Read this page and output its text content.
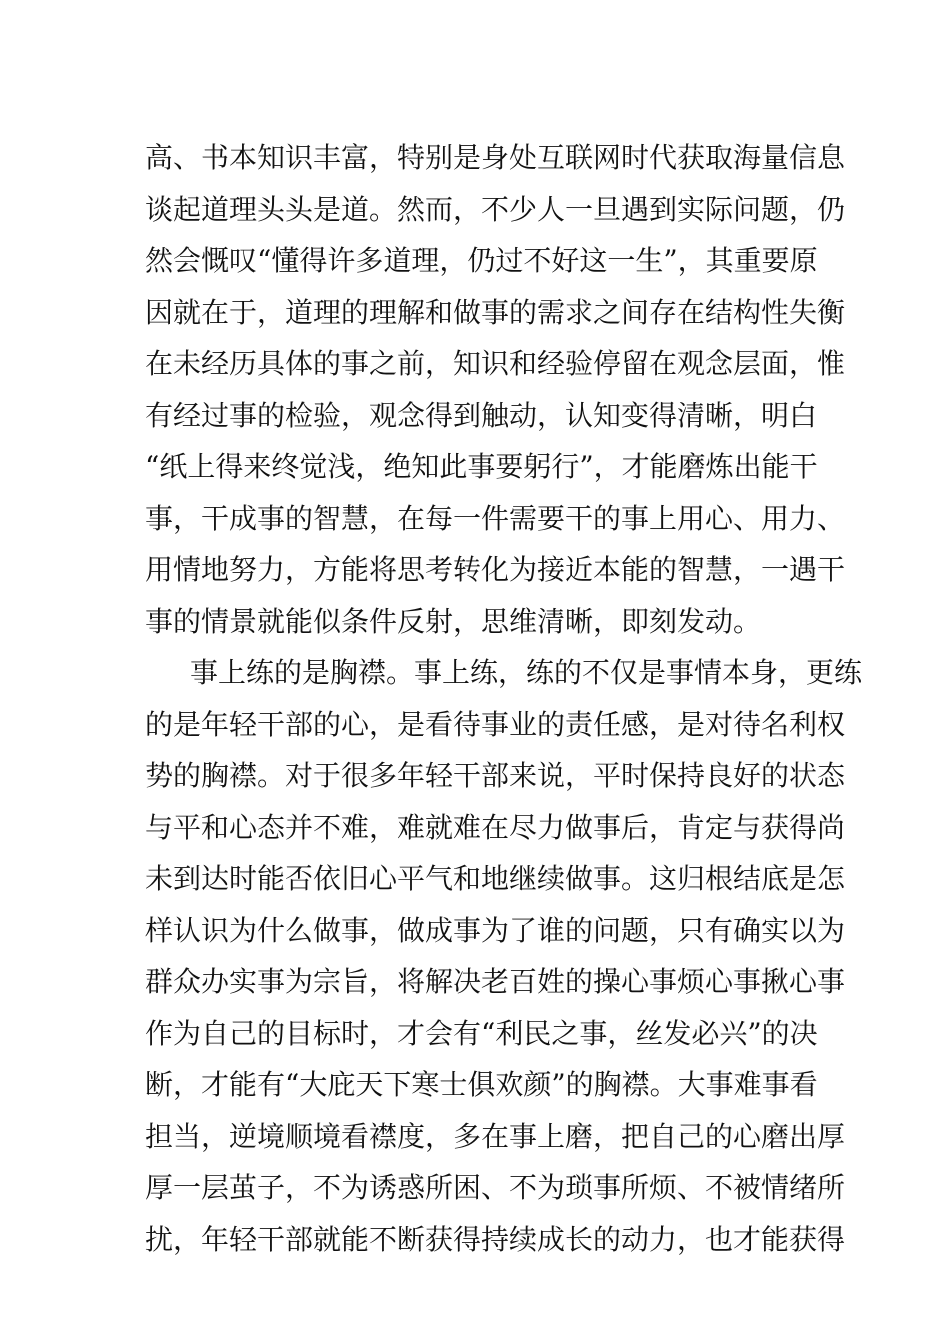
高、书本知识丰富，特别是身处互联网时代获取海量信息
谈起道理头头是道。然而，不少人一旦遇到实际问题，仍
然会慨叹“懂得许多道理，仍过不好这一生”，其重要原
因就在于，道理的理解和做事的需求之间存在结构性失衡
在未经历具体的事之前，知识和经验停留在观念层面，惟
有经过事的检验，观念得到触动，认知变得清晰，明白
“纸上得来终觉浅，绝知此事要躬行”，才能磨炼出能干
事，干成事的智慧，在每一件需要干的事上用心、用力、
用情地努力，方能将思考转化为接近本能的智慧，一遇干
事的情景就能似条件反射，思维清晰，即刻发动。
事上练的是胸襟。事上练，练的不仅是事情本身，更练
的是年轻干部的心，是看待事业的责任感，是对待名利权
势的胸襟。对于很多年轻干部来说，平时保持良好的状态
与平和心态并不难，难就难在尽力做事后，肯定与获得尚
未到达时能否依旧心平气和地继续做事。这归根结底是怎
样认识为什么做事，做成事为了谁的问题，只有确实以为
群众办实事为宗旨，将解决老百姓的操心事烦心事揪心事
作为自己的目标时，才会有“利民之事，丝发必兴”的决
断，才能有“大庇天下寒士俱欢颜”的胸襟。大事难事看
担当，逆境顺境看襟度，多在事上磨，把自己的心磨出厚
厚一层茧子，不为诱惑所困、不为琐事所烦、不被情绪所
扰，年轻干部就能不断获得持续成长的动力，也才能获得
